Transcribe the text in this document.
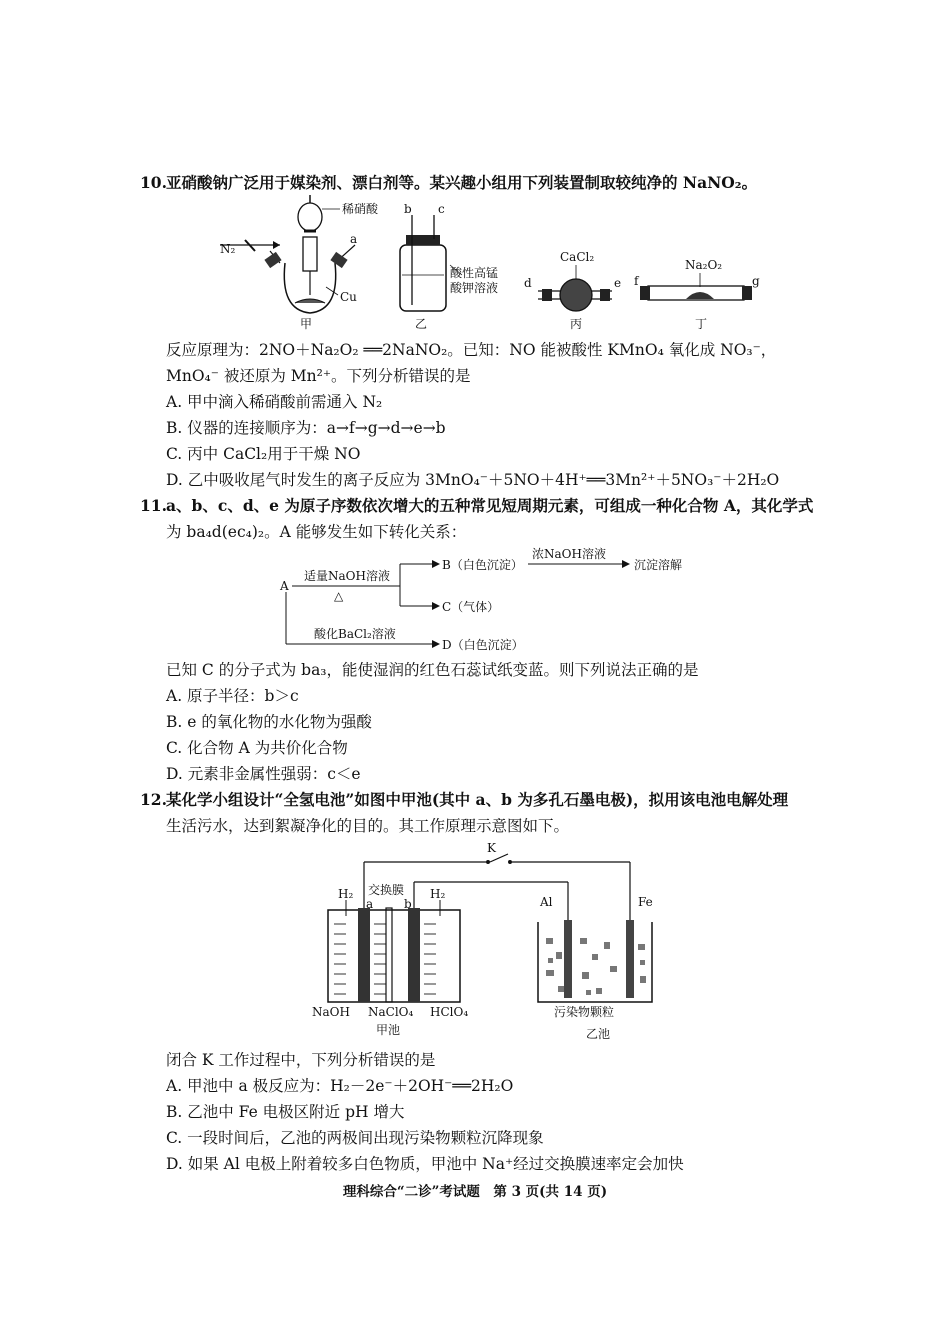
10. 亚硝酸钠广泛用于媒染剂、漂白剂等。某兴趣小组用下列装置制取较纯净的 NaNO₂。
N₂
稀硝酸
a
Cu
甲
b c
酸性高锰
酸钾溶液
乙
CaCl₂
d	e
丙
Na₂O₂
f	g
丁
反应原理为：2NO＋Na₂O₂ ══2NaNO₂。已知：NO 能被酸性 KMnO₄ 氧化成 NO₃⁻，
MnO₄⁻ 被还原为 Mn²⁺。下列分析错误的是
A. 甲中滴入稀硝酸前需通入 N₂
B. 仪器的连接顺序为：a→f→g→d→e→b
C. 丙中 CaCl₂用于干燥 NO
D. 乙中吸收尾气时发生的离子反应为 3MnO₄⁻＋5NO＋4H⁺══3Mn²⁺＋5NO₃⁻＋2H₂O
11. a、b、c、d、e 为原子序数依次增大的五种常见短周期元素，可组成一种化合物 A，其化学式
为 ba₄d(ec₄)₂。A 能够发生如下转化关系：
A
适量NaOH溶液
△
B（白色沉淀）
浓NaOH溶液
沉淀溶解
C（气体）
酸化BaCl₂溶液
D（白色沉淀）
已知 C 的分子式为 ba₃，能使湿润的红色石蕊试纸变蓝。则下列说法正确的是
A. 原子半径：b＞c
B. e 的氧化物的水化物为强酸
C. 化合物 A 为共价化合物
D. 元素非金属性强弱：c＜e
12. 某化学小组设计“全氢电池”如图中甲池(其中 a、b 为多孔石墨电极)，拟用该电池电解处理
生活污水，达到絮凝净化的目的。其工作原理示意图如下。
K
H₂ 交换膜
a	b
H₂
NaOH NaClO₄ HClO₄
甲池
Al	Fe
污染物颗粒
乙池
闭合 K 工作过程中，下列分析错误的是
A. 甲池中 a 极反应为：H₂－2e⁻＋2OH⁻══2H₂O
B. 乙池中 Fe 电极区附近 pH 增大
C. 一段时间后，乙池的两极间出现污染物颗粒沉降现象
D. 如果 Al 电极上附着较多白色物质，甲池中 Na⁺经过交换膜速率定会加快
理科综合“二诊”考试题　第 3 页(共 14 页)
